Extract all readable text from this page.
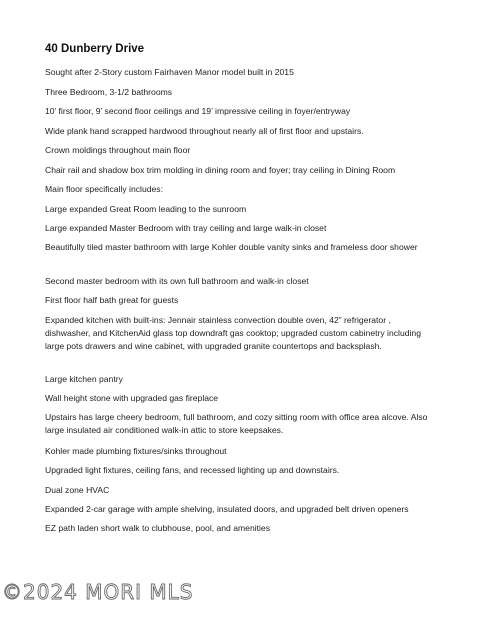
40 Dunberry Drive
Sought after 2-Story custom Fairhaven Manor model built in 2015
Three Bedroom, 3-1/2 bathrooms
10’ first floor, 9’ second floor ceilings and 19’ impressive ceiling in foyer/entryway
Wide plank hand scrapped hardwood throughout nearly all of first floor and upstairs.
Crown moldings throughout main floor
Chair rail and shadow box trim molding in dining room and foyer; tray ceiling in Dining Room
Main floor specifically includes:
Large expanded Great Room leading to the sunroom
Large expanded Master Bedroom with tray ceiling and large walk-in closet
Beautifully tiled master bathroom with large Kohler double vanity sinks and frameless door shower
Second master bedroom with its own full bathroom and walk-in closet
First floor half bath great for guests
Expanded kitchen with built-ins: Jennair stainless convection double oven, 42” refrigerator , dishwasher, and KitchenAid glass top downdraft gas cooktop; upgraded custom cabinetry including large pots drawers and wine cabinet, with upgraded granite countertops and backsplash.
Large kitchen pantry
Wall height stone with upgraded gas fireplace
Upstairs has large cheery bedroom, full bathroom, and cozy sitting room with office area alcove. Also large insulated air conditioned walk-in attic to store keepsakes.
Kohler made plumbing fixtures/sinks throughout
Upgraded light fixtures, ceiling fans, and recessed lighting up and downstairs.
Dual zone HVAC
Expanded 2-car garage with ample shelving, insulated doors, and upgraded belt driven openers
EZ path laden short walk to clubhouse, pool, and amenities
©2024 MORI MLS
